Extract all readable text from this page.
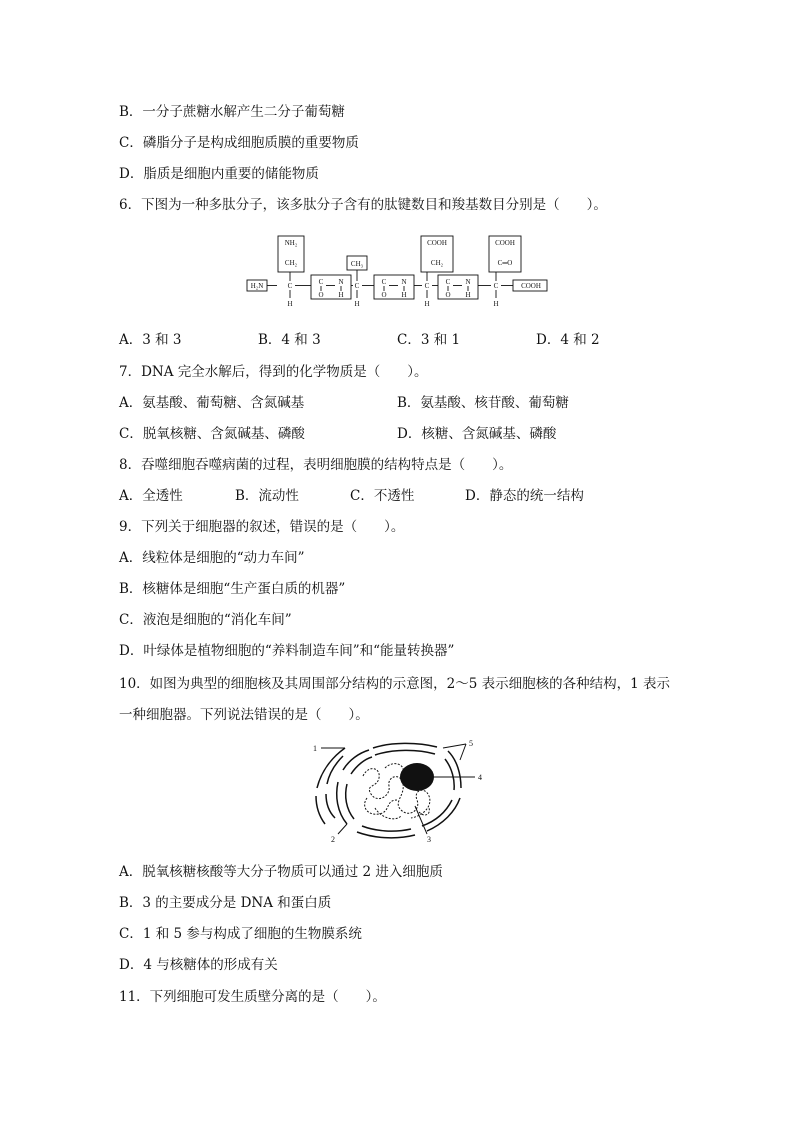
B．一分子蔗糖水解产生二分子葡萄糖
C．磷脂分子是构成细胞质膜的重要物质
D．脂质是细胞内重要的储能物质
6．下图为一种多肽分子，该多肽分子含有的肽键数目和羧基数目分别是（　　）。
H₂N
NH₂
CH₂	CH₃
COOH
CH₂
COOH
C═O
COOH
C	C	C	C
H	H	H	H
C N
O H
C N
O H
C N
O H
A．3 和 3	B．4 和 3	C．3 和 1	D．4 和 2
7．DNA 完全水解后，得到的化学物质是（　　）。
A．氨基酸、葡萄糖、含氮碱基	B．氨基酸、核苷酸、葡萄糖
C．脱氧核糖、含氮碱基、磷酸	D．核糖、含氮碱基、磷酸
8．吞噬细胞吞噬病菌的过程，表明细胞膜的结构特点是（　　）。
A．全透性	B．流动性	C．不透性	D．静态的统一结构
9．下列关于细胞器的叙述，错误的是（　　）。
A．线粒体是细胞的“动力车间”
B．核糖体是细胞“生产蛋白质的机器”
C．液泡是细胞的“消化车间”
D．叶绿体是植物细胞的“养料制造车间”和“能量转换器”
10．如图为典型的细胞核及其周围部分结构的示意图，2～5 表示细胞核的各种结构，1 表示
一种细胞器。下列说法错误的是（　　）。
1
2	3
4
5
A．脱氧核糖核酸等大分子物质可以通过 2 进入细胞质
B．3 的主要成分是 DNA 和蛋白质
C．1 和 5 参与构成了细胞的生物膜系统
D．4 与核糖体的形成有关
11．下列细胞可发生质壁分离的是（　　）。
